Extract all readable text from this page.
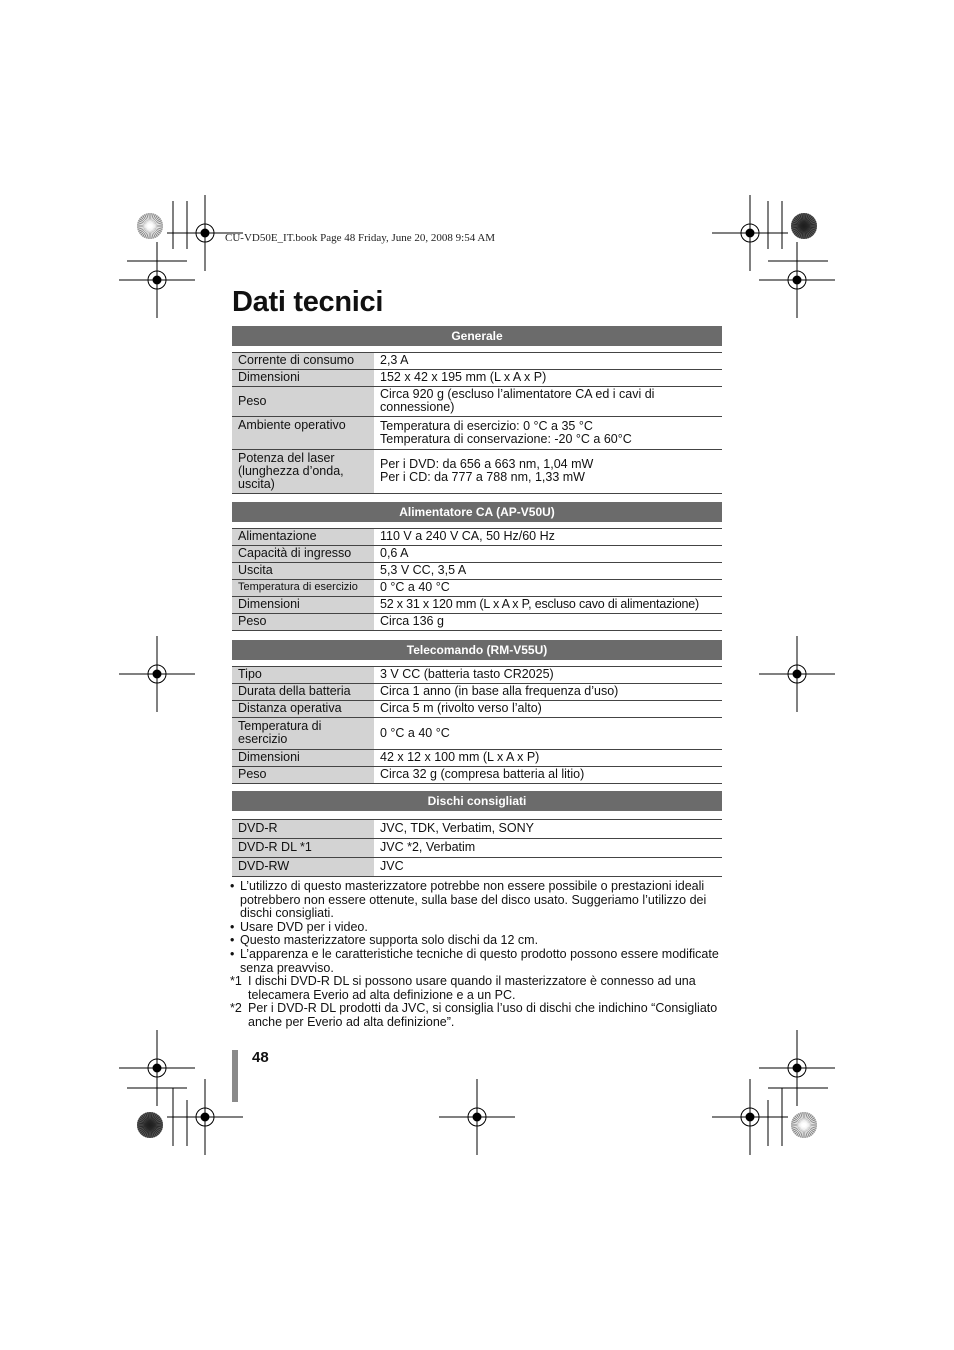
CU-VD50E_IT.book Page 48 Friday, June 20, 2008 9:54 AM
Dati tecnici
Generale
Corrente di consumo	2,3 A
Dimensioni	152 x 42 x 195 mm (L x A x P)
Peso	Circa 920 g (escluso l’alimentatore CA ed i cavi di connessione)
Ambiente operativo	Temperatura di esercizio: 0 °C a 35 °C
Temperatura di conservazione: -20 °C a 60°C
Potenza del laser (lunghezza d’onda, uscita)	Per i DVD: da 656 a 663 nm, 1,04 mW
Per i CD: da 777 a 788 nm, 1,33 mW
Alimentatore CA (AP-V50U)
Alimentazione	110 V a 240 V CA, 50 Hz/60 Hz
Capacità di ingresso	0,6 A
Uscita	5,3 V CC, 3,5 A
Temperatura di esercizio	0 °C a 40 °C
Dimensioni	52 x 31 x 120 mm (L x A x P, escluso cavo di alimentazione)
Peso	Circa 136 g
Telecomando (RM-V55U)
Tipo	3 V CC (batteria tasto CR2025)
Durata della batteria	Circa 1 anno (in base alla frequenza d’uso)
Distanza operativa	Circa 5 m (rivolto verso l’alto)
Temperatura di esercizio	0 °C a 40 °C
Dimensioni	42 x 12 x 100 mm (L x A x P)
Peso	Circa 32 g (compresa batteria al litio)
Dischi consigliati
DVD-R	JVC, TDK, Verbatim, SONY
DVD-R DL *1	JVC *2, Verbatim
DVD-RW	JVC
• L’utilizzo di questo masterizzatore potrebbe non essere possibile o prestazioni ideali potrebbero non essere ottenute, sulla base del disco usato. Suggeriamo l’utilizzo dei dischi consigliati.
• Usare DVD per i video.
• Questo masterizzatore supporta solo dischi da 12 cm.
• L’apparenza e le caratteristiche tecniche di questo prodotto possono essere modificate senza preavviso.
*1 I dischi DVD-R DL si possono usare quando il masterizzatore è connesso ad una telecamera Everio ad alta definizione e a un PC.
*2 Per i DVD-R DL prodotti da JVC, si consiglia l’uso di dischi che indichino “Consigliato anche per Everio ad alta definizione”.
48
